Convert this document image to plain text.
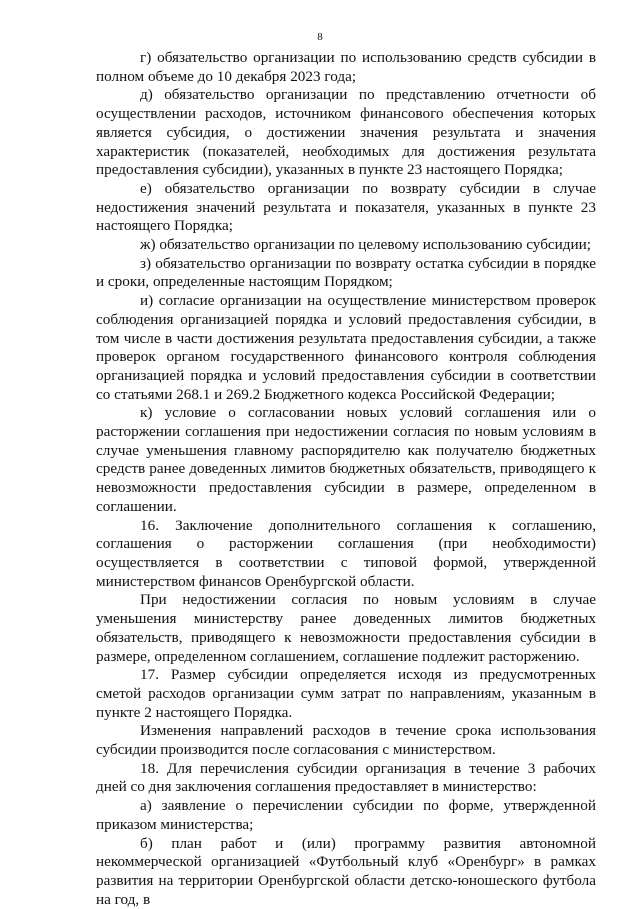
8

г) обязательство организации по использованию средств субсидии в полном объеме до 10 декабря 2023 года;

д) обязательство организации по представлению отчетности об осуществлении расходов, источником финансового обеспечения которых является субсидия, о достижении значения результата и значения характеристик (показателей, необходимых для достижения результата предоставления субсидии), указанных в пункте 23 настоящего Порядка;

е) обязательство организации по возврату субсидии в случае недостижения значений результата и показателя, указанных в пункте 23 настоящего Порядка;

ж) обязательство организации по целевому использованию субсидии;

з) обязательство организации по возврату остатка субсидии в порядке и сроки, определенные настоящим Порядком;

и) согласие организации на осуществление министерством проверок соблюдения организацией порядка и условий предоставления субсидии, в том числе в части достижения результата предоставления субсидии, а также проверок органом государственного финансового контроля соблюдения организацией порядка и условий предоставления субсидии в соответствии со статьями 268.1 и 269.2 Бюджетного кодекса Российской Федерации;

к) условие о согласовании новых условий соглашения или о расторжении соглашения при недостижении согласия по новым условиям в случае уменьшения главному распорядителю как получателю бюджетных средств ранее доведенных лимитов бюджетных обязательств, приводящего к невозможности предоставления субсидии в размере, определенном в соглашении.

16. Заключение дополнительного соглашения к соглашению, соглашения о расторжении соглашения (при необходимости) осуществляется в соответствии с типовой формой, утвержденной министерством финансов Оренбургской области.

При недостижении согласия по новым условиям в случае уменьшения министерству ранее доведенных лимитов бюджетных обязательств, приводящего к невозможности предоставления субсидии в размере, определенном соглашением, соглашение подлежит расторжению.

17. Размер субсидии определяется исходя из предусмотренных сметой расходов организации сумм затрат по направлениям, указанным в пункте 2 настоящего Порядка.

Изменения направлений расходов в течение срока использования субсидии производится после согласования с министерством.

18. Для перечисления субсидии организация в течение 3 рабочих дней со дня заключения соглашения предоставляет в министерство:

а) заявление о перечислении субсидии по форме, утвержденной приказом министерства;

б) план работ и (или) программу развития автономной некоммерческой организацией «Футбольный клуб «Оренбург» в рамках развития на территории Оренбургской области детско-юношеского футбола на год, в
